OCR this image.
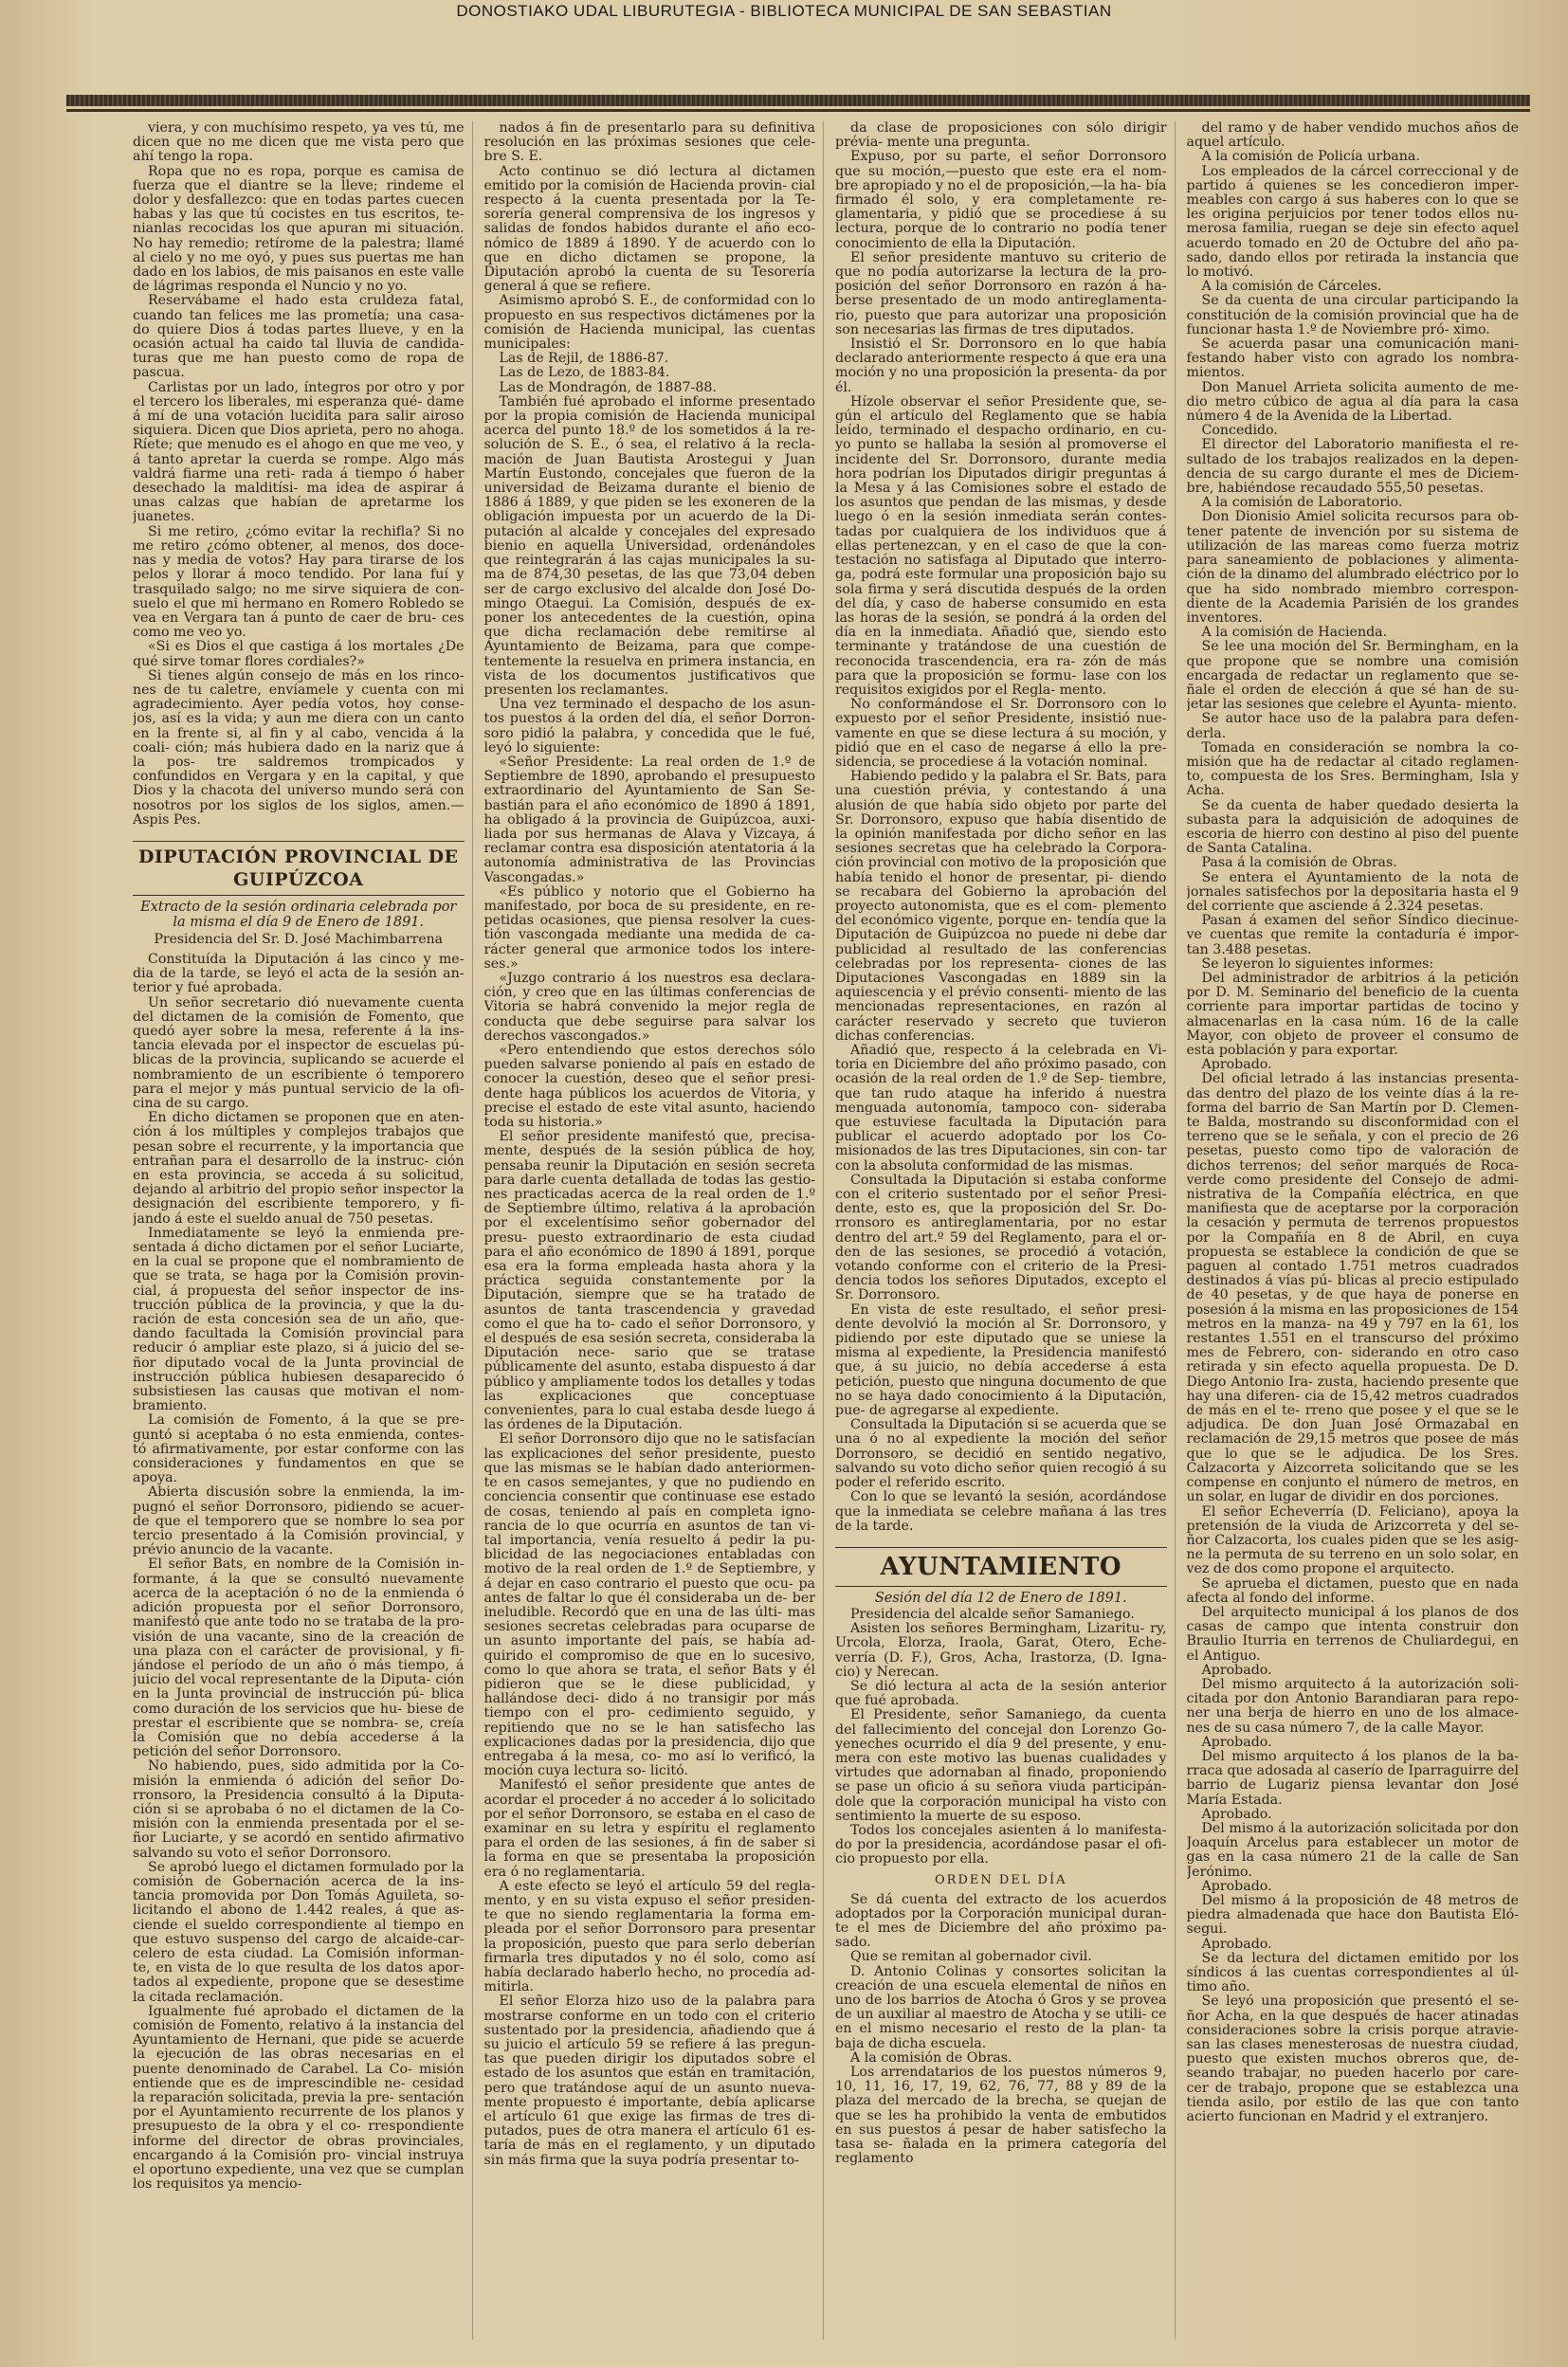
DONOSTIAKO UDAL LIBURUTEGIA - BIBLIOTECA MUNICIPAL DE SAN SEBASTIAN

viera, y con muchísimo respeto, ya ves tú, me dicen que no me dicen que me vista pero que ahí tengo la ropa.

Ropa que no es ropa, porque es camisa de fuerza que el diantre se la lleve; rindeme el dolor y desfallezco: que en todas partes cuecen habas y las que tú cocistes en tus escritos, te- nianlas recocidas los que apuran mi situación. No hay remedio; retírome de la palestra; llamé al cielo y no me oyó, y pues sus puertas me han dado en los labios, de mis paisanos en este valle de lágrimas responda el Nuncio y no yo.

Reservábame el hado esta cruldeza fatal, cuando tan felices me las prometía; una casa- do quiere Dios á todas partes llueve, y en la ocasión actual ha caido tal lluvia de candida- turas que me han puesto como de ropa de pascua.

Carlistas por un lado, íntegros por otro y por el tercero los liberales, mi esperanza qué- dame á mí de una votación lucidita para salir airoso siquiera. Dicen que Dios aprieta, pero no ahoga. Ríete; que menudo es el ahogo en que me veo, y á tanto apretar la cuerda se rompe. Algo más valdrá fiarme una reti- rada á tiempo ó haber desechado la malditísi- ma idea de aspirar á unas calzas que habían de apretarme los juanetes.

Si me retiro, ¿cómo evitar la rechifla? Si no me retiro ¿cómo obtener, al menos, dos doce- nas y media de votos? Hay para tirarse de los pelos y llorar á moco tendido. Por lana fuí y trasquilado salgo; no me sirve siquiera de con- suelo el que mi hermano en Romero Robledo se vea en Vergara tan á punto de caer de bru- ces como me veo yo.

«Si es Dios el que castiga á los mortales ¿De qué sirve tomar flores cordiales?»

Si tienes algún consejo de más en los rinco- nes de tu caletre, envíamele y cuenta con mi agradecimiento. Ayer pedía votos, hoy conse- jos, así es la vida; y aun me diera con un canto en la frente si, al fin y al cabo, vencida á la coali- ción; más hubiera dado en la nariz que á la pos- tre saldremos trompicados y confundidos en Vergara y en la capital, y que Dios y la chacota del universo mundo será con nosotros por los siglos de los siglos, amen.—Aspis Pes.

DIPUTACIÓN PROVINCIAL DE GUIPÚZCOA
Extracto de la sesión ordinaria celebrada por la misma el día 9 de Enero de 1891.
Presidencia del Sr. D. José Machimbarrena

Constituída la Diputación á las cinco y me- dia de la tarde, se leyó el acta de la sesión an- terior y fué aprobada.

Un señor secretario dió nuevamente cuenta del dictamen de la comisión de Fomento, que quedó ayer sobre la mesa, referente á la ins- tancia elevada por el inspector de escuelas pú- blicas de la provincia, suplicando se acuerde el nombramiento de un escribiente ó temporero para el mejor y más puntual servicio de la ofi- cina de su cargo.

En dicho dictamen se proponen que en aten- ción á los múltiples y complejos trabajos que pesan sobre el recurrente, y la importancia que entrañan para el desarrollo de la instruc- ción en esta provincia, se acceda á su solicitud, dejando al arbitrio del propio señor inspector la designación del escribiente temporero, y fi- jando á este el sueldo anual de 750 pesetas.

Inmediatamente se leyó la enmienda pre- sentada á dicho dictamen por el señor Luciarte, en la cual se propone que el nombramiento de que se trata, se haga por la Comisión provin- cial, á propuesta del señor inspector de ins- trucción pública de la provincia, y que la du- ración de esta concesión sea de un año, que- dando facultada la Comisión provincial para reducir ó ampliar este plazo, si á juicio del se- ñor diputado vocal de la Junta provincial de instrucción pública hubiesen desaparecido ó subsistiesen las causas que motivan el nom- bramiento.

La comisión de Fomento, á la que se pre- guntó si aceptaba ó no esta enmienda, contes- tó afirmativamente, por estar conforme con las consideraciones y fundamentos en que se apoya.

Abierta discusión sobre la enmienda, la im- pugnó el señor Dorronsoro, pidiendo se acuer- de que el temporero que se nombre lo sea por tercio presentado á la Comisión provincial, y prévio anuncio de la vacante.

El señor Bats, en nombre de la Comisión in- formante, á la que se consultó nuevamente acerca de la aceptación ó no de la enmienda ó adición propuesta por el señor Dorronsoro, manifestó que ante todo no se trataba de la pro- visión de una vacante, sino de la creación de una plaza con el carácter de provisional, y fi- jándose el período de un año ó más tiempo, á juicio del vocal representante de la Diputa- ción en la Junta provincial de instrucción pú- blica como duración de los servicios que hu- biese de prestar el escribiente que se nombra- se, creía la Comisión que no debía accederse á la petición del señor Dorronsoro.

No habiendo, pues, sido admitida por la Co- misión la enmienda ó adición del señor Do- rronsoro, la Presidencia consultó á la Diputa- ción si se aprobaba ó no el dictamen de la Co- misión con la enmienda presentada por el se- ñor Luciarte, y se acordó en sentido afirmativo salvando su voto el señor Dorronsoro.

Se aprobó luego el dictamen formulado por la comisión de Gobernación acerca de la ins- tancia promovida por Don Tomás Aguileta, so- licitando el abono de 1.442 reales, á que as- ciende el sueldo correspondiente al tiempo en que estuvo suspenso del cargo de alcaide-car- celero de esta ciudad. La Comisión informan- te, en vista de lo que resulta de los datos apor- tados al expediente, propone que se desestime la citada reclamación.

Igualmente fué aprobado el dictamen de la comisión de Fomento, relativo á la instancia del Ayuntamiento de Hernani, que pide se acuerde la ejecución de las obras necesarias en el puente denominado de Carabel. La Co- misión entiende que es de imprescindible ne- cesidad la reparación solicitada, previa la pre- sentación por el Ayuntamiento recurrente de los planos y presupuesto de la obra y el co- rrespondiente informe del director de obras provinciales, encargando á la Comisión pro- vincial instruya el oportuno expediente, una vez que se cumplan los requisitos ya mencio-

nados á fin de presentarlo para su definitiva resolución en las próximas sesiones que cele- bre S. E.

Acto continuo se dió lectura al dictamen emitido por la comisión de Hacienda provin- cial respecto á la cuenta presentada por la Te- sorería general comprensiva de los ingresos y salidas de fondos habidos durante el año eco- nómico de 1889 á 1890. Y de acuerdo con lo que en dicho dictamen se propone, la Diputación aprobó la cuenta de su Tesorería general á que se refiere.

Asimismo aprobó S. E., de conformidad con lo propuesto en sus respectivos dictámenes por la comisión de Hacienda municipal, las cuentas municipales:

Las de Rejil, de 1886-87.

Las de Lezo, de 1883-84.

Las de Mondragón, de 1887-88.

También fué aprobado el informe presentado por la propia comisión de Hacienda municipal acerca del punto 18.º de los sometidos á la re- solución de S. E., ó sea, el relativo á la recla- mación de Juan Bautista Arostegui y Juan Martín Eustondo, concejales que fueron de la universidad de Beizama durante el bienio de 1886 á 1889, y que piden se les exoneren de la obligación impuesta por un acuerdo de la Di- putación al alcalde y concejales del expresado bienio en aquella Universidad, ordenándoles que reintegrarán á las cajas municipales la su- ma de 874,30 pesetas, de las que 73,04 deben ser de cargo exclusivo del alcalde don José Do- mingo Otaegui. La Comisión, después de ex- poner los antecedentes de la cuestión, opina que dicha reclamación debe remitirse al Ayuntamiento de Beizama, para que compe- tentemente la resuelva en primera instancia, en vista de los documentos justificativos que presenten los reclamantes.

Una vez terminado el despacho de los asun- tos puestos á la orden del día, el señor Dorron- soro pidió la palabra, y concedida que le fué, leyó lo siguiente:

«Señor Presidente: La real orden de 1.º de Septiembre de 1890, aprobando el presupuesto extraordinario del Ayuntamiento de San Se- bastián para el año económico de 1890 á 1891, ha obligado á la provincia de Guipúzcoa, auxi- liada por sus hermanas de Alava y Vizcaya, á reclamar contra esa disposición atentatoria á la autonomía administrativa de las Provincias Vascongadas.»

«Es público y notorio que el Gobierno ha manifestado, por boca de su presidente, en re- petidas ocasiones, que piensa resolver la cues- tión vascongada mediante una medida de ca- rácter general que armonice todos los intere- ses.»

«Juzgo contrario á los nuestros esa declara- ción, y creo que en las últimas conferencias de Vitoria se habrá convenido la mejor regla de conducta que debe seguirse para salvar los derechos vascongados.»

«Pero entendiendo que estos derechos sólo pueden salvarse poniendo al país en estado de conocer la cuestión, deseo que el señor presi- dente haga públicos los acuerdos de Vitoria, y precise el estado de este vital asunto, haciendo toda su historia.»

El señor presidente manifestó que, precisa- mente, después de la sesión pública de hoy, pensaba reunir la Diputación en sesión secreta para darle cuenta detallada de todas las gestio- nes practicadas acerca de la real orden de 1.º de Septiembre último, relativa á la aprobación por el excelentísimo señor gobernador del presu- puesto extraordinario de esta ciudad para el año económico de 1890 á 1891, porque esa era la forma empleada hasta ahora y la práctica seguida constantemente por la Diputación, siempre que se ha tratado de asuntos de tanta trascendencia y gravedad como el que ha to- cado el señor Dorronsoro, y el después de esa sesión secreta, consideraba la Diputación nece- sario que se tratase públicamente del asunto, estaba dispuesto á dar público y ampliamente todos los detalles y todas las explicaciones que conceptuase convenientes, para lo cual estaba desde luego á las órdenes de la Diputación.

El señor Dorronsoro dijo que no le satisfacían las explicaciones del señor presidente, puesto que las mismas se le habían dado anteriormen- te en casos semejantes, y que no pudiendo en conciencia consentir que continuase ese estado de cosas, teniendo al país en completa igno- rancia de lo que ocurría en asuntos de tan vi- tal importancia, venía resuelto á pedir la pu- blicidad de las negociaciones entabladas con motivo de la real orden de 1.º de Septiembre, y á dejar en caso contrario el puesto que ocu- pa antes de faltar lo que él consideraba un de- ber ineludible. Recordó que en una de las últi- mas sesiones secretas celebradas para ocuparse de un asunto importante del país, se había ad- quirido el compromiso de que en lo sucesivo, como lo que ahora se trata, el señor Bats y él pidieron que se le diese publicidad, y hallándose deci- dido á no transigir por más tiempo con el pro- cedimiento seguido, y repitiendo que no se le han satisfecho las explicaciones dadas por la presidencia, dijo que entregaba á la mesa, co- mo así lo verificó, la moción cuya lectura so- licitó.

Manifestó el señor presidente que antes de acordar el proceder á no acceder á lo solicitado por el señor Dorronsoro, se estaba en el caso de examinar en su letra y espíritu el reglamento para el orden de las sesiones, á fin de saber si la forma en que se presentaba la proposición era ó no reglamentaria.

A este efecto se leyó el artículo 59 del regla- mento, y en su vista expuso el señor presiden- te que no siendo reglamentaria la forma em- pleada por el señor Dorronsoro para presentar la proposición, puesto que para serlo deberían firmarla tres diputados y no él solo, como así había declarado haberlo hecho, no procedía ad- mitirla.

El señor Elorza hizo uso de la palabra para mostrarse conforme en un todo con el criterio sustentado por la presidencia, añadiendo que á su juicio el artículo 59 se refiere á las pregun- tas que pueden dirigir los diputados sobre el estado de los asuntos que están en tramitación, pero que tratándose aquí de un asunto nueva- mente propuesto é importante, debía aplicarse el artículo 61 que exige las firmas de tres di- putados, pues de otra manera el artículo 61 es- taría de más en el reglamento, y un diputado sin más firma que la suya podría presentar to-

da clase de proposiciones con sólo dirigir prévia- mente una pregunta.

Expuso, por su parte, el señor Dorronsoro que su moción,—puesto que este era el nom- bre apropiado y no el de proposición,—la ha- bía firmado él solo, y era completamente re- glamentaria, y pidió que se procediese á su lectura, porque de lo contrario no podía tener conocimiento de ella la Diputación.

El señor presidente mantuvo su criterio de que no podía autorizarse la lectura de la pro- posición del señor Dorronsoro en razón á ha- berse presentado de un modo antireglamenta- rio, puesto que para autorizar una proposición son necesarias las firmas de tres diputados.

Insistió el Sr. Dorronsoro en lo que había declarado anteriormente respecto á que era una moción y no una proposición la presenta- da por él.

Hízole observar el señor Presidente que, se- gún el artículo del Reglamento que se había leído, terminado el despacho ordinario, en cu- yo punto se hallaba la sesión al promoverse el incidente del Sr. Dorronsoro, durante media hora podrían los Diputados dirigir preguntas á la Mesa y á las Comisiones sobre el estado de los asuntos que pendan de las mismas, y desde luego ó en la sesión inmediata serán contes- tadas por cualquiera de los individuos que á ellas pertenezcan, y en el caso de que la con- testación no satisfaga al Diputado que interro- ga, podrá este formular una proposición bajo su sola firma y será discutida después de la orden del día, y caso de haberse consumido en esta las horas de la sesión, se pondrá á la orden del día en la inmediata. Añadió que, siendo esto terminante y tratándose de una cuestión de reconocida trascendencia, era ra- zón de más para que la proposición se formu- lase con los requisitos exigidos por el Regla- mento.

No conformándose el Sr. Dorronsoro con lo expuesto por el señor Presidente, insistió nue- vamente en que se diese lectura á su moción, y pidió que en el caso de negarse á ello la pre- sidencia, se procediese á la votación nominal.

Habiendo pedido y la palabra el Sr. Bats, para una cuestión prévia, y contestando á una alusión de que había sido objeto por parte del Sr. Dorronsoro, expuso que había disentido de la opinión manifestada por dicho señor en las sesiones secretas que ha celebrado la Corpora- ción provincial con motivo de la proposición que había tenido el honor de presentar, pi- diendo se recabara del Gobierno la aprobación del proyecto autonomista, que es el com- plemento del económico vigente, porque en- tendía que la Diputación de Guipúzcoa no puede ni debe dar publicidad al resultado de las conferencias celebradas por los representa- ciones de las Diputaciones Vascongadas en 1889 sin la aquiescencia y el prévio consenti- miento de las mencionadas representaciones, en razón al carácter reservado y secreto que tuvieron dichas conferencias.

Añadió que, respecto á la celebrada en Vi- toria en Diciembre del año próximo pasado, con ocasión de la real orden de 1.º de Sep- tiembre, que tan rudo ataque ha inferido á nuestra menguada autonomía, tampoco con- sideraba que estuviese facultada la Diputación para publicar el acuerdo adoptado por los Co- misionados de las tres Diputaciones, sin con- tar con la absoluta conformidad de las mismas.

Consultada la Diputación si estaba conforme con el criterio sustentado por el señor Presi- dente, esto es, que la proposición del Sr. Do- rronsoro es antireglamentaria, por no estar dentro del art.º 59 del Reglamento, para el or- den de las sesiones, se procedió á votación, votando conforme con el criterio de la Presi- dencia todos los señores Diputados, excepto el Sr. Dorronsoro.

En vista de este resultado, el señor presi- dente devolvió la moción al Sr. Dorronsoro, y pidiendo por este diputado que se uniese la misma al expediente, la Presidencia manifestó que, á su juicio, no debía accederse á esta petición, puesto que ninguna documento de que no se haya dado conocimiento á la Diputación, pue- de agregarse al expediente.

Consultada la Diputación si se acuerda que se una ó no al expediente la moción del señor Dorronsoro, se decidió en sentido negativo, salvando su voto dicho señor quien recogió á su poder el referido escrito.

Con lo que se levantó la sesión, acordándose que la inmediata se celebre mañana á las tres de la tarde.

AYUNTAMIENTO
Sesión del día 12 de Enero de 1891.

Presidencia del alcalde señor Samaniego.

Asisten los señores Bermingham, Lizaritu- ry, Urcola, Elorza, Iraola, Garat, Otero, Eche- verría (D. F.), Gros, Acha, Irastorza, (D. Igna- cio) y Nerecan.

Se dió lectura al acta de la sesión anterior que fué aprobada.

El Presidente, señor Samaniego, da cuenta del fallecimiento del concejal don Lorenzo Go- yeneches ocurrido el día 9 del presente, y enu- mera con este motivo las buenas cualidades y virtudes que adornaban al finado, proponiendo se pase un oficio á su señora viuda participán- dole que la corporación municipal ha visto con sentimiento la muerte de su esposo.

Todos los concejales asienten á lo manifesta- do por la presidencia, acordándose pasar el ofi- cio propuesto por ella.

ORDEN DEL DÍA

Se dá cuenta del extracto de los acuerdos adoptados por la Corporación municipal duran- te el mes de Diciembre del año próximo pa- sado.

Que se remitan al gobernador civil.

D. Antonio Colinas y consortes solicitan la creación de una escuela elemental de niños en uno de los barrios de Atocha ó Gros y se provea de un auxiliar al maestro de Atocha y se utili- ce en el mismo necesario el resto de la plan- ta baja de dicha escuela.

A la comisión de Obras.

Los arrendatarios de los puestos números 9, 10, 11, 16, 17, 19, 62, 76, 77, 88 y 89 de la plaza del mercado de la brecha, se quejan de que se les ha prohibido la venta de embutidos en sus puestos á pesar de haber satisfecho la tasa se- ñalada en la primera categoría del reglamento

del ramo y de haber vendido muchos años de aquel artículo.

A la comisión de Policía urbana.

Los empleados de la cárcel correccional y de partido á quienes se les concedieron imper- meables con cargo á sus haberes con lo que se les origina perjuicios por tener todos ellos nu- merosa familia, ruegan se deje sin efecto aquel acuerdo tomado en 20 de Octubre del año pa- sado, dando ellos por retirada la instancia que lo motivó.

A la comisión de Cárceles.

Se da cuenta de una circular participando la constitución de la comisión provincial que ha de funcionar hasta 1.º de Noviembre pró- ximo.

Se acuerda pasar una comunicación mani- festando haber visto con agrado los nombra- mientos.

Don Manuel Arrieta solicita aumento de me- dio metro cúbico de agua al día para la casa número 4 de la Avenida de la Libertad.

Concedido.

El director del Laboratorio manifiesta el re- sultado de los trabajos realizados en la depen- dencia de su cargo durante el mes de Diciem- bre, habiéndose recaudado 555,50 pesetas.

A la comisión de Laboratorio.

Don Dionisio Amiel solicita recursos para ob- tener patente de invención por su sistema de utilización de las mareas como fuerza motriz para saneamiento de poblaciones y alimenta- ción de la dinamo del alumbrado eléctrico por lo que ha sido nombrado miembro correspon- diente de la Academia Parisién de los grandes inventores.

A la comisión de Hacienda.

Se lee una moción del Sr. Bermingham, en la que propone que se nombre una comisión encargada de redactar un reglamento que se- ñale el orden de elección á que sé han de su- jetar las sesiones que celebre el Ayunta- miento.

Se autor hace uso de la palabra para defen- derla.

Tomada en consideración se nombra la co- misión que ha de redactar al citado reglamen- to, compuesta de los Sres. Bermingham, Isla y Acha.

Se da cuenta de haber quedado desierta la subasta para la adquisición de adoquines de escoria de hierro con destino al piso del puente de Santa Catalina.

Pasa á la comisión de Obras.

Se entera el Ayuntamiento de la nota de jornales satisfechos por la depositaria hasta el 9 del corriente que asciende á 2.324 pesetas.

Pasan á examen del señor Síndico diecinue- ve cuentas que remite la contaduría é impor- tan 3.488 pesetas.

Se leyeron lo siguientes informes:

Del administrador de arbitrios á la petición por D. M. Seminario del beneficio de la cuenta corriente para importar partidas de tocino y almacenarlas en la casa núm. 16 de la calle Mayor, con objeto de proveer el consumo de esta población y para exportar.

Aprobado.

Del oficial letrado á las instancias presenta- das dentro del plazo de los veinte días á la re- forma del barrio de San Martín por D. Clemen- te Balda, mostrando su disconformidad con el terreno que se le señala, y con el precio de 26 pesetas, puesto como tipo de valoración de dichos terrenos; del señor marqués de Roca- verde como presidente del Consejo de admi- nistrativa de la Compañía eléctrica, en que manifiesta que de aceptarse por la corporación la cesación y permuta de terrenos propuestos por la Compañía en 8 de Abril, en cuya propuesta se establece la condición de que se paguen al contado 1.751 metros cuadrados destinados á vías pú- blicas al precio estipulado de 40 pesetas, y de que haya de ponerse en posesión á la misma en las proposiciones de 154 metros en la manza- na 49 y 797 en la 61, los restantes 1.551 en el transcurso del próximo mes de Febrero, con- siderando en otro caso retirada y sin efecto aquella propuesta. De D. Diego Antonio Ira- zusta, haciendo presente que hay una diferen- cia de 15,42 metros cuadrados de más en el te- rreno que posee y el que se le adjudica. De don Juan José Ormazabal en reclamación de 29,15 metros que posee de más que lo que se le adjudica. De los Sres. Calzacorta y Aizcorreta solicitando que se les compense en conjunto el número de metros, en un solar, en lugar de dividir en dos porciones.

El señor Echeverría (D. Feliciano), apoya la pretensión de la viuda de Arizcorreta y del se- ñor Calzacorta, los cuales piden que se les asig- ne la permuta de su terreno en un solo solar, en vez de dos como propone el arquitecto.

Se aprueba el dictamen, puesto que en nada afecta al fondo del informe.

Del arquitecto municipal á los planos de dos casas de campo que intenta construir don Braulio Iturria en terrenos de Chuliardegui, en el Antiguo.

Aprobado.

Del mismo arquitecto á la autorización soli- citada por don Antonio Barandiaran para repo- ner una berja de hierro en uno de los almace- nes de su casa número 7, de la calle Mayor.

Aprobado.

Del mismo arquitecto á los planos de la ba- rraca que adosada al caserío de Iparraguirre del barrio de Lugariz piensa levantar don José María Estada.

Aprobado.

Del mismo á la autorización solicitada por don Joaquín Arcelus para establecer un motor de gas en la casa número 21 de la calle de San Jerónimo.

Aprobado.

Del mismo á la proposición de 48 metros de piedra almadenada que hace don Bautista Eló- segui.

Aprobado.

Se da lectura del dictamen emitido por los síndicos á las cuentas correspondientes al úl- timo año.

Se leyó una proposición que presentó el se- ñor Acha, en la que después de hacer atinadas consideraciones sobre la crisis porque atravie- san las clases menesterosas de nuestra ciudad, puesto que existen muchos obreros que, de- seando trabajar, no pueden hacerlo por care- cer de trabajo, propone que se establezca una tienda asilo, por estilo de las que con tanto acierto funcionan en Madrid y el extranjero.
